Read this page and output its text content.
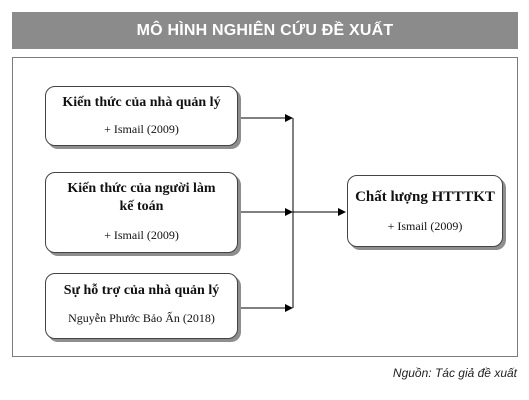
MÔ HÌNH NGHIÊN CỨU ĐỀ XUẤT
Kiến thức của nhà quản lý
+ Ismail (2009)
Kiến thức của người làm kế toán
+ Ismail (2009)
Sự hỗ trợ của nhà quản lý
Nguyễn Phước Bảo Ấn (2018)
Chất lượng HTTTKT
+ Ismail (2009)
Nguồn: Tác giả đề xuất
